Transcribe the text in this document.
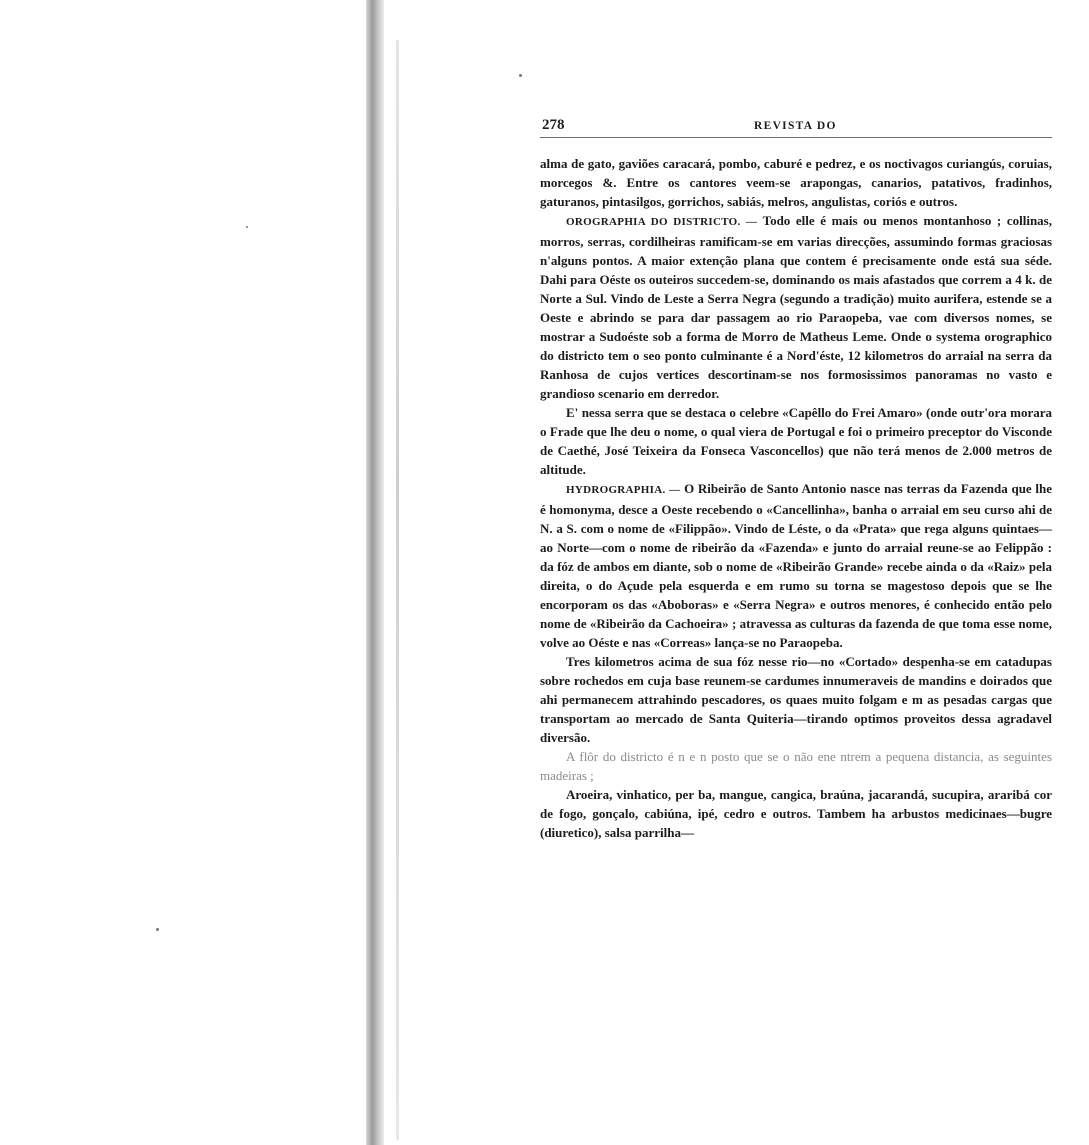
278	REVISTA DO

alma de gato, gaviões caracará, pombo, caburé e pedrez, e os noctivagos curiangús, coruias, morcegos &. Entre os cantores veem-se arapongas, canarios, patativos, fradinhos, gaturanos, pintasilgos, gorrichos, sabiás, melros, angulistas, coriós e outros.

OROGRAPHIA DO DISTRICTO. — Todo elle é mais ou menos montanhoso ; collinas, morros, serras, cordilheiras ramificam-se em varias direcções, assumindo formas graciosas n'alguns pontos. A maior extenção plana que contem é precisamente onde está sua séde. Dahi para Oéste os outeiros succedem-se, dominando os mais afastados que correm a 4 k. de Norte a Sul. Vindo de Leste a Serra Negra (segundo a tradição) muito aurifera, estende se a Oeste e abrindo se para dar passagem ao rio Paraopeba, vae com diversos nomes, se mostrar a Sudoéste sob a forma de Morro de Matheus Leme. Onde o systema orographico do districto tem o seo ponto culminante é a Nord'éste, 12 kilometros do arraial na serra da Ranhosa de cujos vertices descortinam-se nos formosissimos panoramas no vasto e grandioso scenario em derredor.

E' nessa serra que se destaca o celebre «Capêllo do Frei Amaro» (onde outr'ora morara o Frade que lhe deu o nome, o qual viera de Portugal e foi o primeiro preceptor do Visconde de Caethé, José Teixeira da Fonseca Vasconcellos) que não terá menos de 2.000 metros de altitude.

HYDROGRAPHIA. — O Ribeirão de Santo Antonio nasce nas terras da Fazenda que lhe é homonyma, desce a Oeste recebendo o «Cancellinha», banha o arraial em seu curso ahi de N. a S. com o nome de «Filippão». Vindo de Léste, o da «Prata» que rega alguns quintaes—ao Norte—com o nome de ribeirão da «Fazenda» e junto do arraial reune-se ao Felippão : da fóz de ambos em diante, sob o nome de «Ribeirão Grande» recebe ainda o da «Raiz» pela direita, o do Açude pela esquerda e em rumo su torna se magestoso depois que se lhe encorporam os das «Aboboras» e «Serra Negra» e outros menores, é conhecido então pelo nome de «Ribeirão da Cachoeira» ; atravessa as culturas da fazenda de que toma esse nome, volve ao Oéste e nas «Correas» lança-se no Paraopeba.

Tres kilometros acima de sua fóz nesse rio—no «Cortado» despenha-se em catadupas sobre rochedos em cuja base reunem-se cardumes innumeraveis de mandins e doirados que ahi permanecem attrahindo pescadores, os quaes muito folgam e m as pesadas cargas que transportam ao mercado de Santa Quiteria—tirando optimos proveitos dessa agradavel diversão.

A flôr do districto é n e n posto que se o não ene ntrem a pequena distancia, as seguintes madeiras ;

Aroeira, vinhatico, per ba, mangue, cangica, braúna, jacarandá, sucupira, araribá cor de fogo, gonçalo, cabiúna, ipé, cedro e outros. Tambem ha arbustos medicinaes—bugre (diuretico), salsa parrilha—
